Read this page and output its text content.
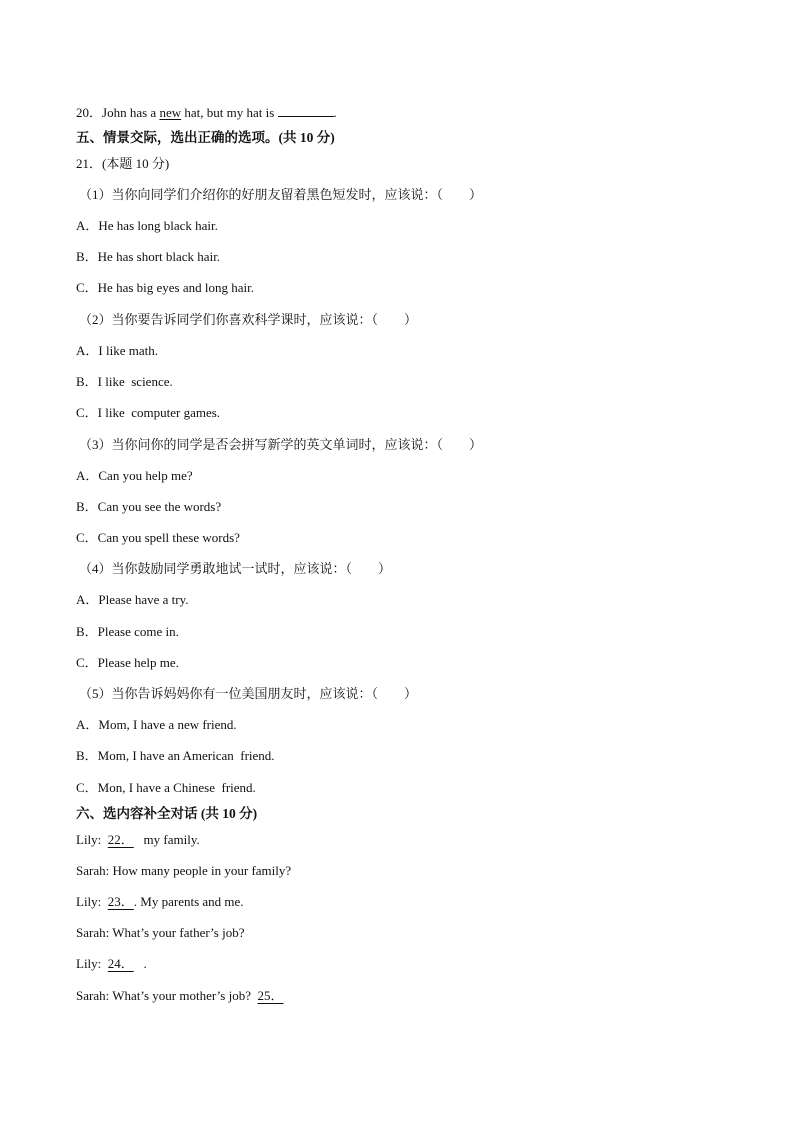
20．John has a new hat, but my hat is	.
五、情景交际，选出正确的选项。(共 10 分)
21．(本题 10 分)
（1）当你向同学们介绍你的好朋友留着黑色短发时，应该说：（　　）
A．He has long black hair.
B．He has short black hair.
C．He has big eyes and long hair.
（2）当你要告诉同学们你喜欢科学课时，应该说：（　　）
A．I like math.
B．I like  science.
C．I like  computer games.
（3）当你问你的同学是否会拼写新学的英文单词时，应该说：（　　）
A．Can you help me?
B．Can you see the words?
C．Can you spell these words?
（4）当你鼓励同学勇敢地试一试时，应该说：（　　）
A．Please have a try.
B．Please come in.
C．Please help me.
（5）当你告诉妈妈你有一位美国朋友时，应该说：（　　）
A．Mom, I have a new friend.
B．Mom, I have an American  friend.
C．Mon, I have a Chinese  friend.
六、选内容补全对话 (共 10 分)
Lily:  22．   my family.
Sarah: How many people in your family?
Lily:  23．. My parents and me.
Sarah: What’s your father’s job?
Lily:  24．   .
Sarah: What’s your mother’s job?  25．
